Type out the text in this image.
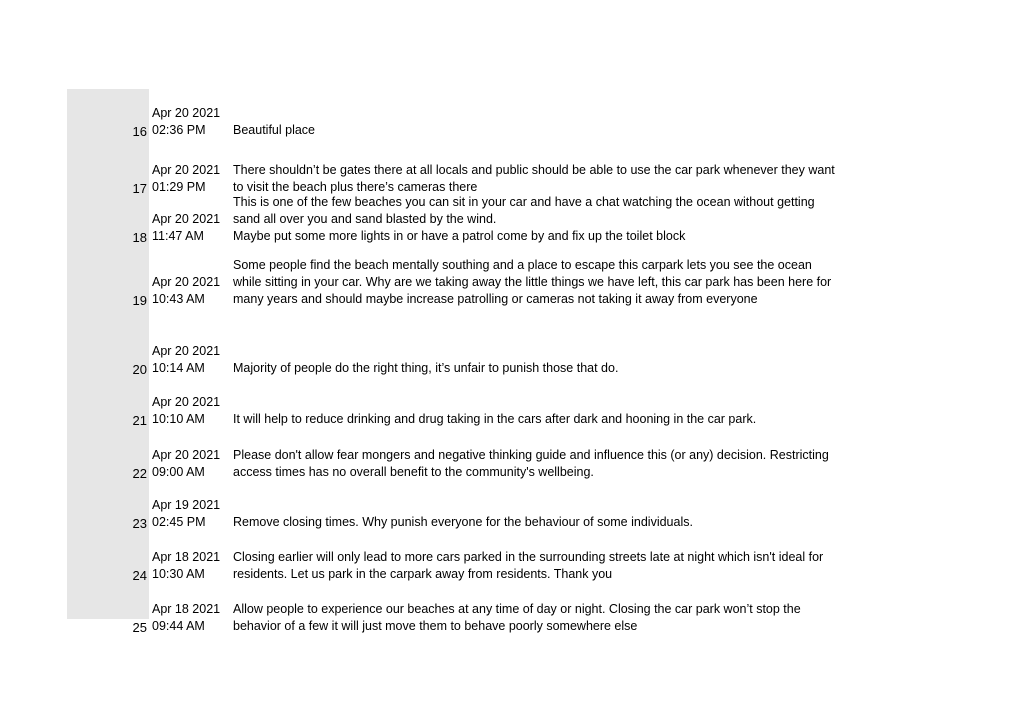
16
Apr 20 2021
02:36 PM	Beautiful place
17
Apr 20 2021
01:29 PM
There shouldn’t be gates there at all locals and public should be able to use the car park whenever they want
to visit the beach plus there’s cameras there
18
Apr 20 2021
11:47 AM
This is one of the few beaches you can sit in your car and have a chat watching the ocean without getting
sand all over you and sand blasted by the wind.
Maybe put some more lights in or have a patrol come by and fix up the toilet block
19
Apr 20 2021
10:43 AM
Some people find the beach mentally southing and a place to escape this carpark lets you see the ocean
while sitting in your car. Why are we taking away the little things we have left, this car park has been here for
many years and should maybe increase patrolling or cameras not taking it away from everyone
20
Apr 20 2021
10:14 AM	Majority of people do the right thing, it’s unfair to punish those that do.
21
Apr 20 2021
10:10 AM	It will help to reduce drinking and drug taking in the cars after dark and hooning in the car park.
22
Apr 20 2021
09:00 AM
Please don't allow fear mongers and negative thinking guide and influence this (or any) decision. Restricting
access times has no overall benefit to the community's wellbeing.
23
Apr 19 2021
02:45 PM	Remove closing times. Why punish everyone for the behaviour of some individuals.
24
Apr 18 2021
10:30 AM
Closing earlier will only lead to more cars parked in the surrounding streets late at night which isn't ideal for
residents. Let us park in the carpark away from residents. Thank you
25
Apr 18 2021
09:44 AM
Allow people to experience our beaches at any time of day or night. Closing the car park won’t stop the
behavior of a few it will just move them to behave poorly somewhere else
